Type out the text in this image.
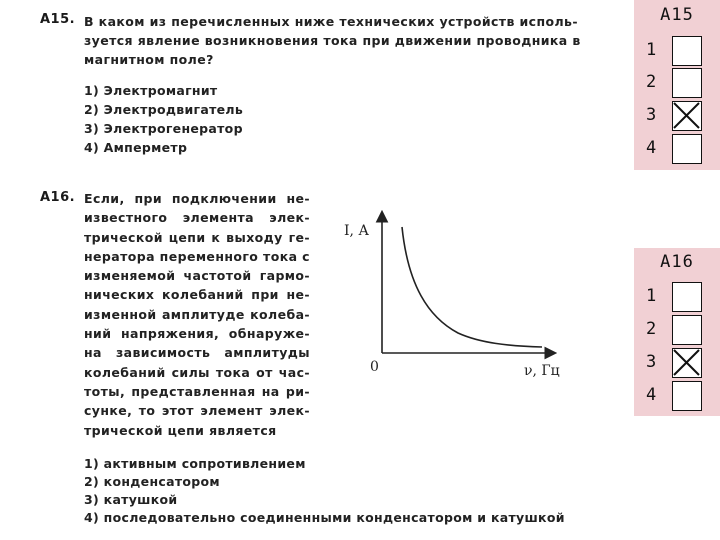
А15. В каком из перечисленных ниже технических устройств исполь-
зуется явление возникновения тока при движении проводника в
магнитном поле?
1) Электромагнит
2) Электродвигатель
3) Электрогенератор
4) Амперметр
А16. Если, при подключении не-
известного элемента элек-
трической цепи к выходу ге-
нератора переменного тока с
изменяемой частотой гармо-
нических колебаний при не-
изменной амплитуде колеба-
ний напряжения, обнаруже-
на зависимость амплитуды
колебаний силы тока от час-
тоты, представленная на ри-
сунке, то этот элемент элек-
трической цепи является
1) активным сопротивлением
2) конденсатором
3) катушкой
4) последовательно соединенными конденсатором и катушкой
I, А
0	ν, Гц
А15
1
2
3
4
А16
1
2
3
4
